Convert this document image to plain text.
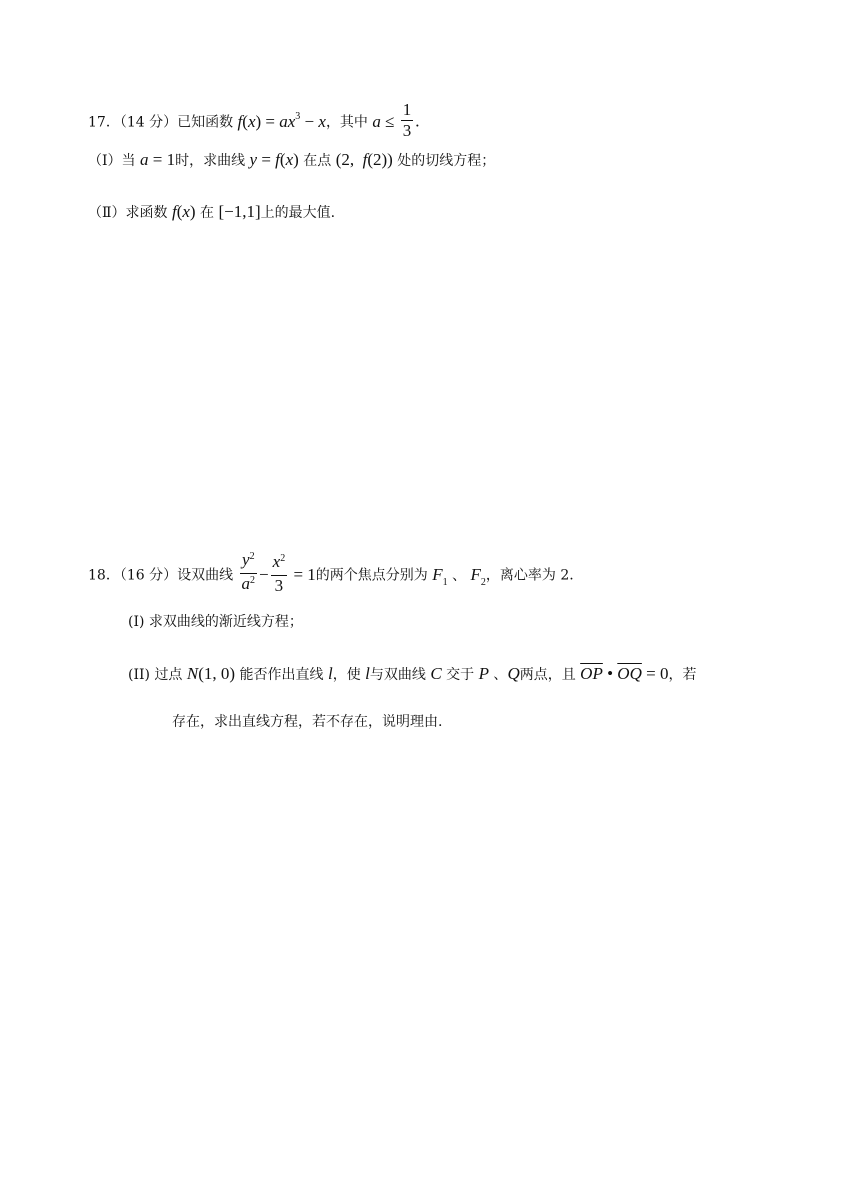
17．（14 分）已知函数 $f(x) = ax^3 - x$，其中 $a \le \frac{1}{3}$ .
（Ⅰ）当 a = 1时，求曲线 y = f(x) 在点 (2,  f(2)) 处的切线方程；
（Ⅱ）求函数 f(x) 在 [−1,1]上的最大值.
18．（16 分）设双曲线 $\frac{y^2}{a^2} - \frac{x^2}{3} = 1$的两个焦点分别为 $F_1$ 、 $F_2$，离心率为 2.
(I) 求双曲线的渐近线方程；
(II) 过点 N(1, 0) 能否作出直线 l，使 l与双曲线 C 交于 P 、Q两点，且 $\overline{OP}$ • $\overline{OQ} = 0$，若
存在，求出直线方程，若不存在，说明理由.
